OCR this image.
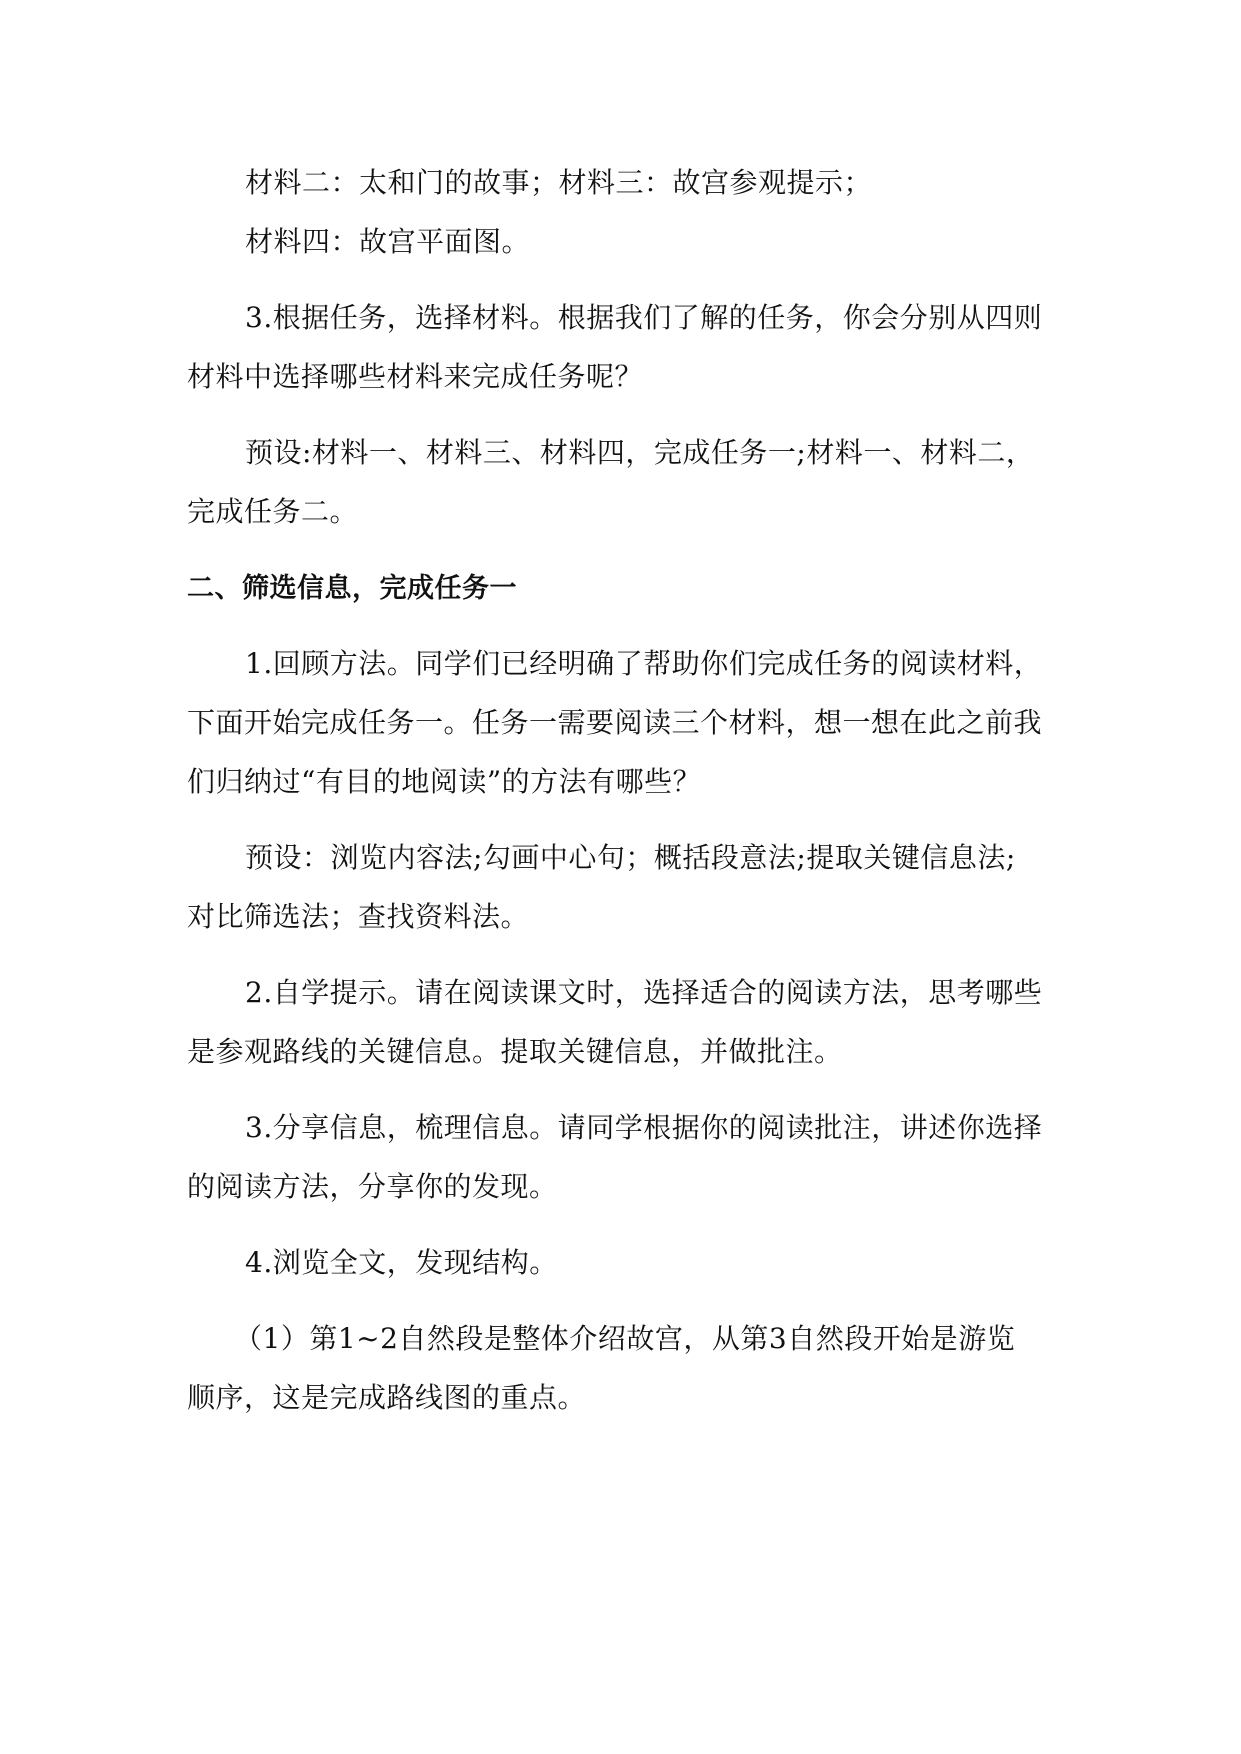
材料二：太和门的故事；材料三：故宫参观提示；
材料四：故宫平面图。
3.根据任务，选择材料。根据我们了解的任务，你会分别从四则
材料中选择哪些材料来完成任务呢？
预设:材料一、材料三、材料四，完成任务一;材料一、材料二，
完成任务二。
二、筛选信息，完成任务一
1.回顾方法。同学们已经明确了帮助你们完成任务的阅读材料，
下面开始完成任务一。任务一需要阅读三个材料，想一想在此之前我
们归纳过“有目的地阅读”的方法有哪些？
预设：浏览内容法;勾画中心句；概括段意法;提取关键信息法;
对比筛选法；查找资料法。
2.自学提示。请在阅读课文时，选择适合的阅读方法，思考哪些
是参观路线的关键信息。提取关键信息，并做批注。
3.分享信息，梳理信息。请同学根据你的阅读批注，讲述你选择
的阅读方法，分享你的发现。
4.浏览全文，发现结构。
（1）第1~2自然段是整体介绍故宫，从第3自然段开始是游览
顺序，这是完成路线图的重点。
